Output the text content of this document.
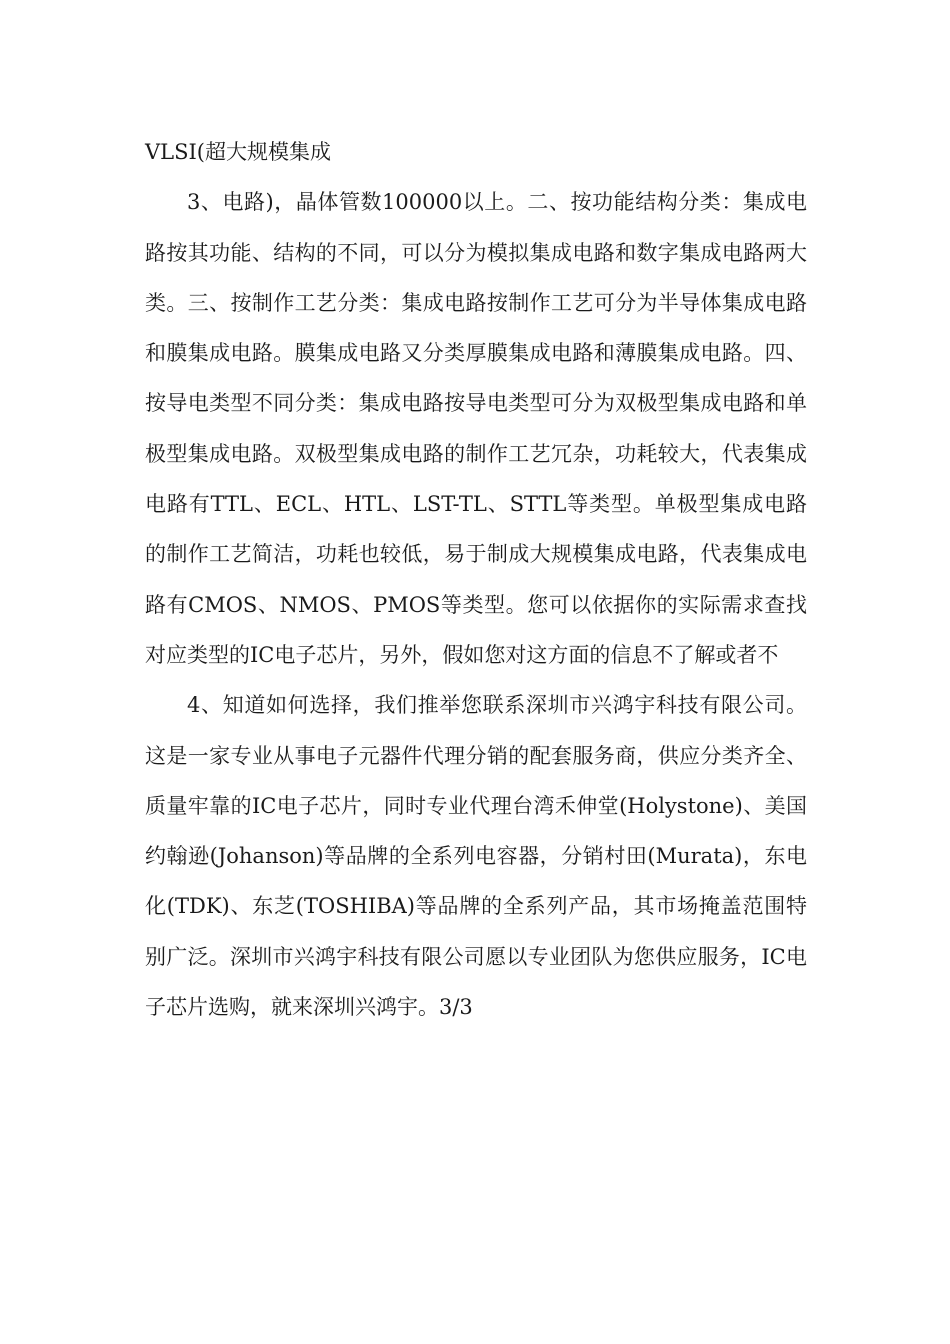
VLSI(超大规模集成

3、电路)，晶体管数100000以上。二、按功能结构分类：集成电路按其功能、结构的不同，可以分为模拟集成电路和数字集成电路两大类。三、按制作工艺分类：集成电路按制作工艺可分为半导体集成电路和膜集成电路。膜集成电路又分类厚膜集成电路和薄膜集成电路。四、按导电类型不同分类：集成电路按导电类型可分为双极型集成电路和单极型集成电路。双极型集成电路的制作工艺冗杂，功耗较大，代表集成电路有TTL、ECL、HTL、LST-TL、STTL等类型。单极型集成电路的制作工艺简洁，功耗也较低，易于制成大规模集成电路，代表集成电路有CMOS、NMOS、PMOS等类型。您可以依据你的实际需求查找对应类型的IC电子芯片，另外，假如您对这方面的信息不了解或者不

4、知道如何选择，我们推举您联系深圳市兴鸿宇科技有限公司。这是一家专业从事电子元器件代理分销的配套服务商，供应分类齐全、质量牢靠的IC电子芯片，同时专业代理台湾禾伸堂(Holystone)、美国约翰逊(Johanson)等品牌的全系列电容器，分销村田(Murata)，东电化(TDK)、东芝(TOSHIBA)等品牌的全系列产品，其市场掩盖范围特别广泛。深圳市兴鸿宇科技有限公司愿以专业团队为您供应服务，IC电子芯片选购，就来深圳兴鸿宇。3/3
